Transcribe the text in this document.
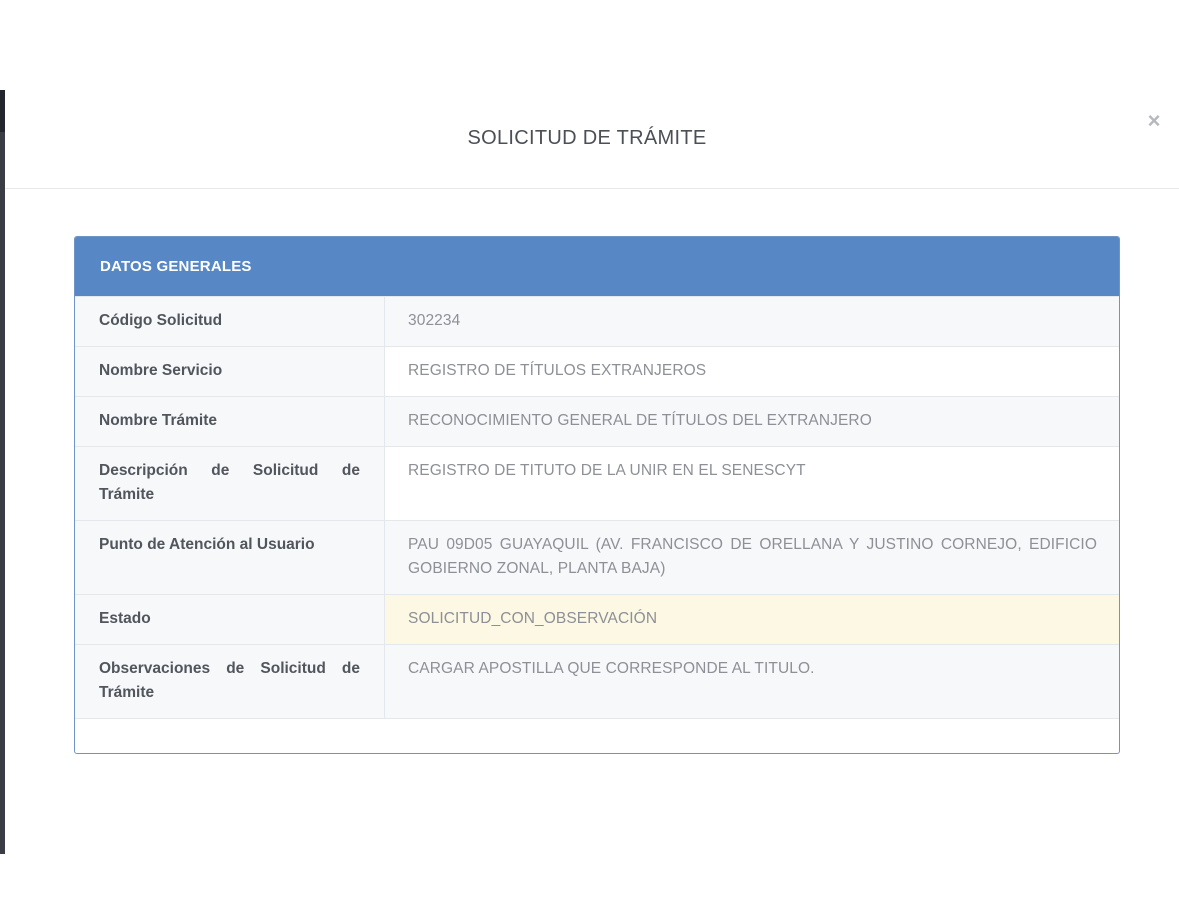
SOLICITUD DE TRÁMITE
×
DATOS GENERALES
Código Solicitud	302234
Nombre Servicio	REGISTRO DE TÍTULOS EXTRANJEROS
Nombre Trámite	RECONOCIMIENTO GENERAL DE TÍTULOS DEL EXTRANJERO
Descripción de Solicitud de Trámite	REGISTRO DE TITUTO DE LA UNIR EN EL SENESCYT
Punto de Atención al Usuario	PAU 09D05 GUAYAQUIL (AV. FRANCISCO DE ORELLANA Y JUSTINO CORNEJO, EDIFICIO GOBIERNO ZONAL, PLANTA BAJA)
Estado	SOLICITUD_CON_OBSERVACIÓN
Observaciones de Solicitud de Trámite	CARGAR APOSTILLA QUE CORRESPONDE AL TITULO.
